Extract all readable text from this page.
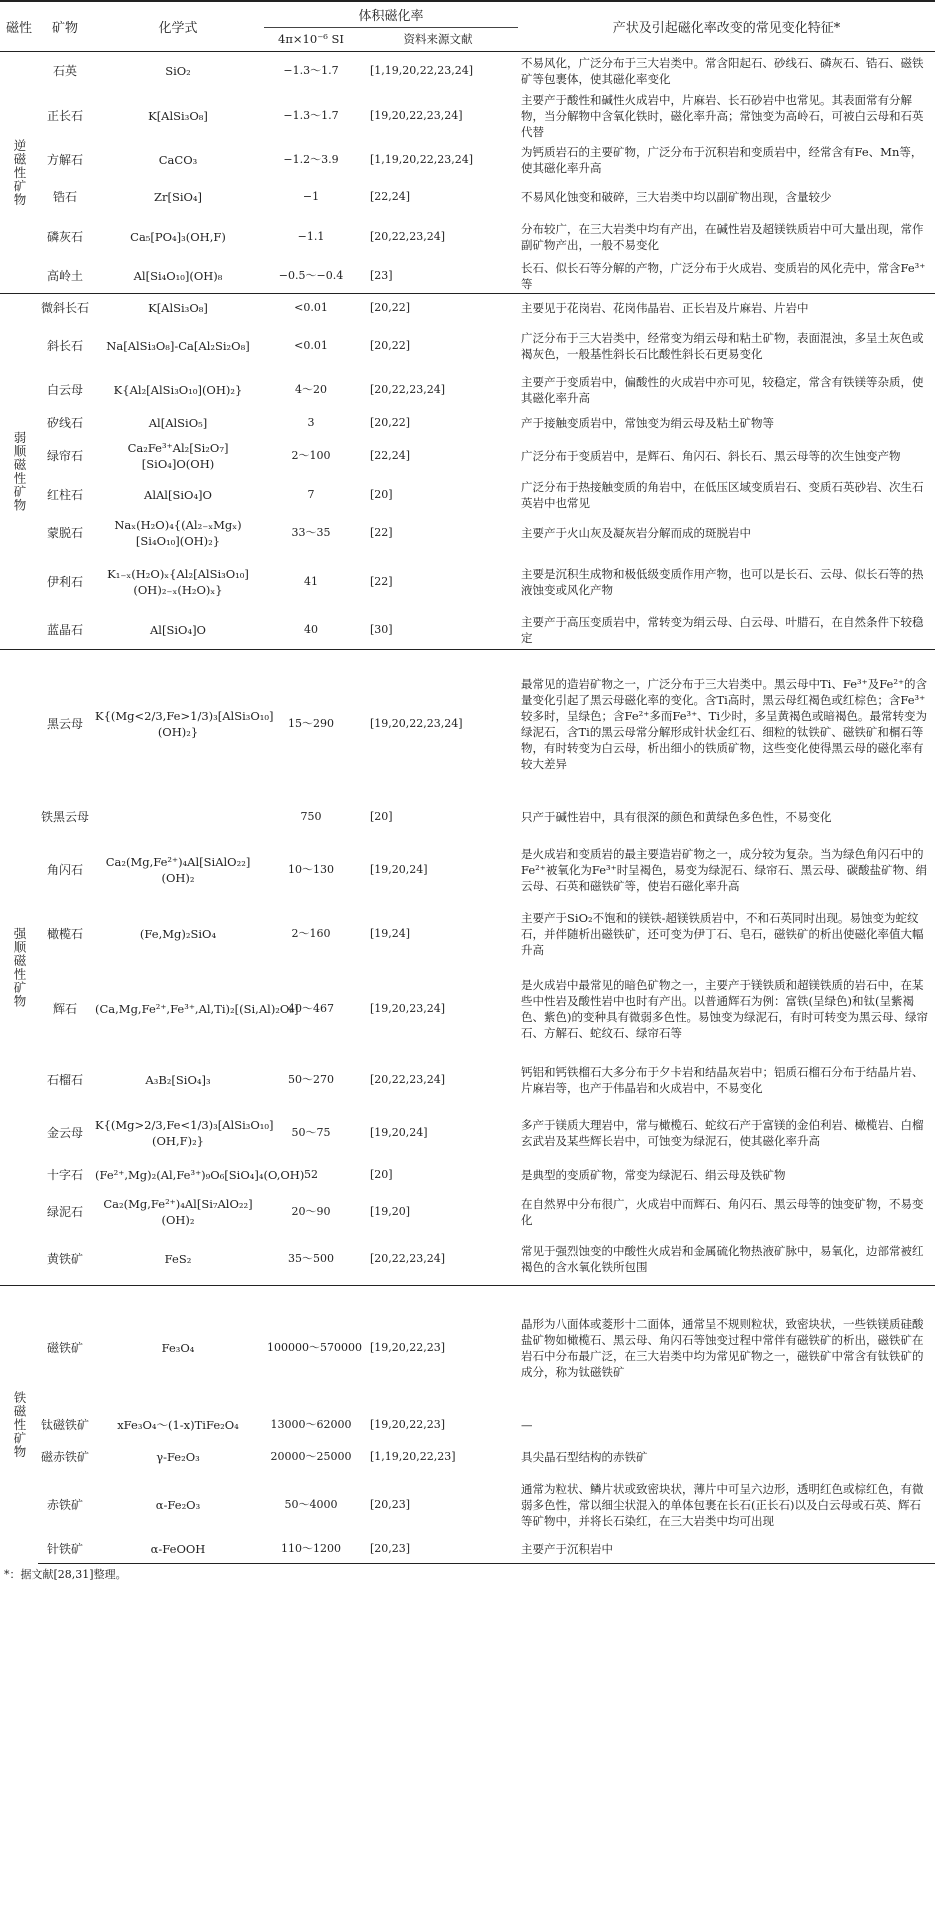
磁性	矿物	化学式	体积磁化率		产状及引起磁化率改变的常见变化特征*
			4π×10⁻⁶ SI	资料来源文献	
逆磁性矿物	石英	SiO₂	−1.3～1.7	[1,19,20,22,23,24]	不易风化，广泛分布于三大岩类中。常含阳起石、砂线石、磷灰石、锆石、磁铁矿等包裹体，使其磁化率变化
	正长石	K[AlSi₃O₈]	−1.3～1.7	[19,20,22,23,24]	主要产于酸性和碱性火成岩中，片麻岩、长石砂岩中也常见。其表面常有分解物，当分解物中含氧化铁时，磁化率升高；常蚀变为高岭石，可被白云母和石英代替
	方解石	CaCO₃	−1.2～3.9	[1,19,20,22,23,24]	为钙质岩石的主要矿物，广泛分布于沉积岩和变质岩中，经常含有Fe、Mn等，使其磁化率升高
	锆石	Zr[SiO₄]	−1	[22,24]	不易风化蚀变和破碎，三大岩类中均以副矿物出现，含量较少
	磷灰石	Ca₅[PO₄]₃(OH,F)	−1.1	[20,22,23,24]	分布较广，在三大岩类中均有产出，在碱性岩及超镁铁质岩中可大量出现，常作副矿物产出，一般不易变化
	高岭土	Al[Si₄O₁₀](OH)₈	−0.5～−0.4	[23]	长石、似长石等分解的产物，广泛分布于火成岩、变质岩的风化壳中，常含Fe³⁺等
弱顺磁性矿物	微斜长石	K[AlSi₃O₈]	<0.01	[20,22]	主要见于花岗岩、花岗伟晶岩、正长岩及片麻岩、片岩中
	斜长石	Na[AlSi₃O₈]-Ca[Al₂Si₂O₈]	<0.01	[20,22]	广泛分布于三大岩类中，经常变为绢云母和粘土矿物，表面混浊，多呈土灰色或褐灰色，一般基性斜长石比酸性斜长石更易变化
	白云母	K{Al₂[AlSi₃O₁₀](OH)₂}	4～20	[20,22,23,24]	主要产于变质岩中，偏酸性的火成岩中亦可见，较稳定，常含有铁镁等杂质，使其磁化率升高
	矽线石	Al[AlSiO₅]	3	[20,22]	产于接触变质岩中，常蚀变为绢云母及粘土矿物等
	绿帘石	Ca₂Fe³⁺Al₂[Si₂O₇][SiO₄]O(OH)	2～100	[22,24]	广泛分布于变质岩中，是辉石、角闪石、斜长石、黑云母等的次生蚀变产物
	红柱石	AlAl[SiO₄]O	7	[20]	广泛分布于热接触变质的角岩中，在低压区域变质岩石、变质石英砂岩、次生石英岩中也常见
	蒙脱石	Naₓ(H₂O)₄{(Al₂₋ₓMgₓ)[Si₄O₁₀](OH)₂}	33～35	[22]	主要产于火山灰及凝灰岩分解而成的斑脱岩中
	伊利石	K₁₋ₓ(H₂O)ₓ{Al₂[AlSi₃O₁₀](OH)₂₋ₓ(H₂O)ₓ}	41	[22]	主要是沉积生成物和极低级变质作用产物，也可以是长石、云母、似长石等的热液蚀变或风化产物
	蓝晶石	Al[SiO₄]O	40	[30]	主要产于高压变质岩中，常转变为绢云母、白云母、叶腊石，在自然条件下较稳定
强顺磁性矿物	黑云母	K{(Mg<2/3,Fe>1/3)₃[AlSi₃O₁₀](OH)₂}	15～290	[19,20,22,23,24]	最常见的造岩矿物之一，广泛分布于三大岩类中。黑云母中Ti、Fe³⁺及Fe²⁺的含量变化引起了黑云母磁化率的变化。含Ti高时，黑云母红褐色或红棕色；含Fe³⁺较多时，呈绿色；含Fe²⁺多而Fe³⁺、Ti少时，多呈黄褐色或暗褐色。最常转变为绿泥石，含Ti的黑云母常分解形成针状金红石、细粒的钛铁矿、磁铁矿和榍石等物，有时转变为白云母，析出细小的铁质矿物，这些变化使得黑云母的磁化率有较大差异
	铁黑云母		750	[20]	只产于碱性岩中，具有很深的颜色和黄绿色多色性，不易变化
	角闪石	Ca₂(Mg,Fe²⁺)₄Al[SiAlO₂₂](OH)₂	10～130	[19,20,24]	是火成岩和变质岩的最主要造岩矿物之一，成分较为复杂。当为绿色角闪石中的Fe²⁺被氧化为Fe³⁺时呈褐色，易变为绿泥石、绿帘石、黑云母、碳酸盐矿物、绢云母、石英和磁铁矿等，使岩石磁化率升高
	橄榄石	(Fe,Mg)₂SiO₄	2～160	[19,24]	主要产于SiO₂不饱和的镁铁-超镁铁质岩中，不和石英同时出现。易蚀变为蛇纹石，并伴随析出磁铁矿，还可变为伊丁石、皂石，磁铁矿的析出使磁化率值大幅升高
	辉石	(Ca,Mg,Fe²⁺,Fe³⁺,Al,Ti)₂[(Si,Al)₂O₆]	40～467	[19,20,23,24]	是火成岩中最常见的暗色矿物之一，主要产于镁铁质和超镁铁质的岩石中，在某些中性岩及酸性岩中也时有产出。以普通辉石为例：富铁(呈绿色)和钛(呈紫褐色、紫色)的变种具有微弱多色性。易蚀变为绿泥石，有时可转变为黑云母、绿帘石、方解石、蛇纹石、绿帘石等
	石榴石	A₃B₂[SiO₄]₃	50～270	[20,22,23,24]	钙铝和钙铁榴石大多分布于夕卡岩和结晶灰岩中；铝质石榴石分布于结晶片岩、片麻岩等，也产于伟晶岩和火成岩中，不易变化
	金云母	K{(Mg>2/3,Fe<1/3)₃[AlSi₃O₁₀](OH,F)₂}	50～75	[19,20,24]	多产于镁质大理岩中，常与橄榄石、蛇纹石产于富镁的金伯利岩、橄榄岩、白榴玄武岩及某些辉长岩中，可蚀变为绿泥石，使其磁化率升高
	十字石	(Fe²⁺,Mg)₂(Al,Fe³⁺)₉O₆[SiO₄]₄(O,OH)	52	[20]	是典型的变质矿物，常变为绿泥石、绢云母及铁矿物
	绿泥石	Ca₂(Mg,Fe²⁺)₄Al[Si₇AlO₂₂](OH)₂	20～90	[19,20]	在自然界中分布很广，火成岩中而辉石、角闪石、黑云母等的蚀变矿物，不易变化
	黄铁矿	FeS₂	35～500	[20,22,23,24]	常见于强烈蚀变的中酸性火成岩和金属硫化物热液矿脉中，易氧化，边部常被红褐色的含水氧化铁所包围
铁磁性矿物	磁铁矿	Fe₃O₄	100000～570000	[19,20,22,23]	晶形为八面体或菱形十二面体，通常呈不规则粒状，致密块状，一些铁镁质硅酸盐矿物如橄榄石、黑云母、角闪石等蚀变过程中常伴有磁铁矿的析出，磁铁矿在岩石中分布最广泛，在三大岩类中均为常见矿物之一，磁铁矿中常含有钛铁矿的成分，称为钛磁铁矿
	钛磁铁矿	xFe₃O₄～(1-x)TiFe₂O₄	13000～62000	[19,20,22,23]	—
	磁赤铁矿	γ-Fe₂O₃	20000～25000	[1,19,20,22,23]	具尖晶石型结构的赤铁矿
	赤铁矿	α-Fe₂O₃	50～4000	[20,23]	通常为粒状、鳞片状或致密块状，薄片中可呈六边形，透明红色或棕红色，有微弱多色性，常以细尘状混入的单体包裹在长石(正长石)以及白云母或石英、辉石等矿物中，并将长石染红，在三大岩类中均可出现
	针铁矿	α-FeOOH	110～1200	[20,23]	主要产于沉积岩中
*：据文献[28,31]整理。
